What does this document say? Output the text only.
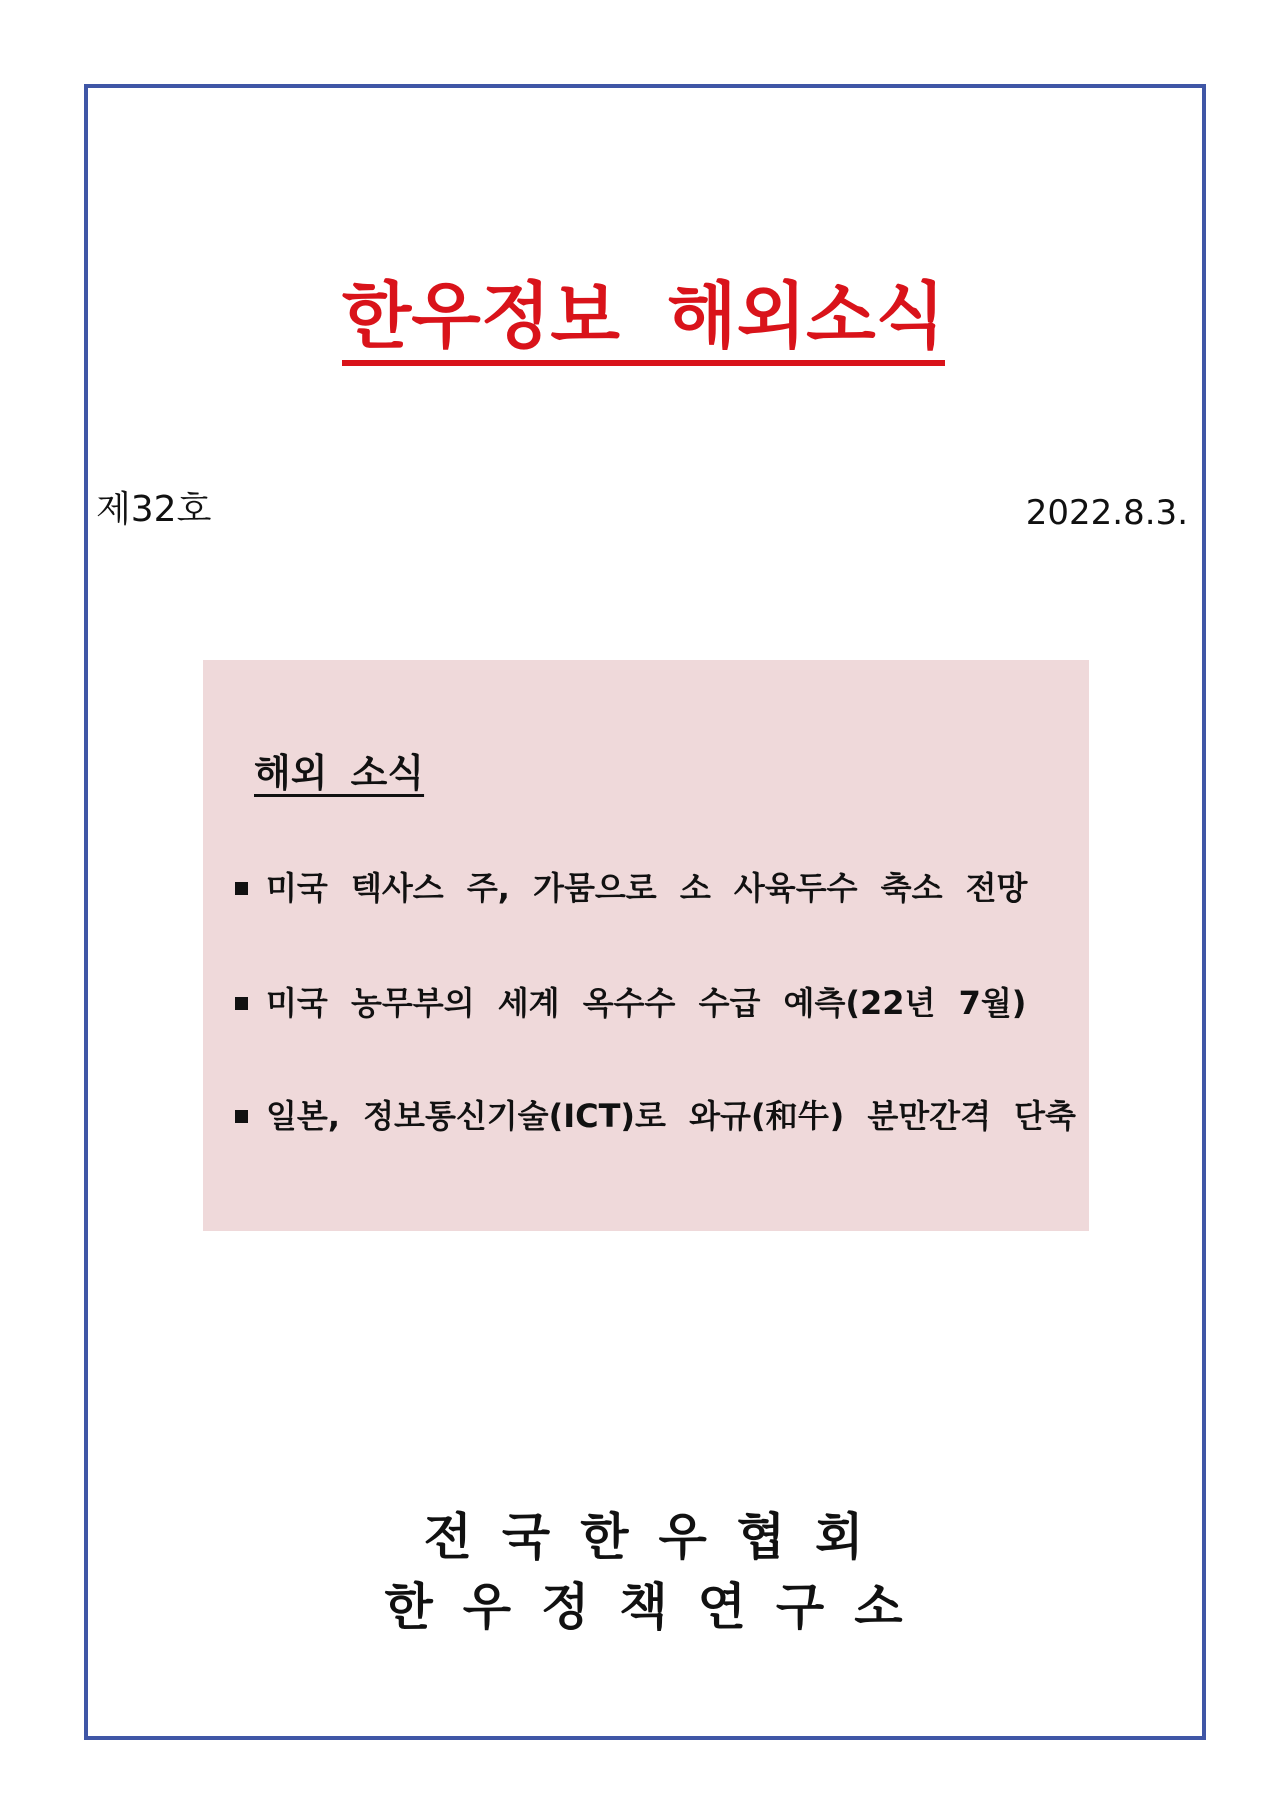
한우정보 해외소식
제32호	2022.8.3.
해외 소식
미국 텍사스 주, 가뭄으로 소 사육두수 축소 전망
미국 농무부의 세계 옥수수 수급 예측(22년 7월)
일본, 정보통신기술(ICT)로 와규(和牛) 분만간격 단축
전국한우협회
한우정책연구소
